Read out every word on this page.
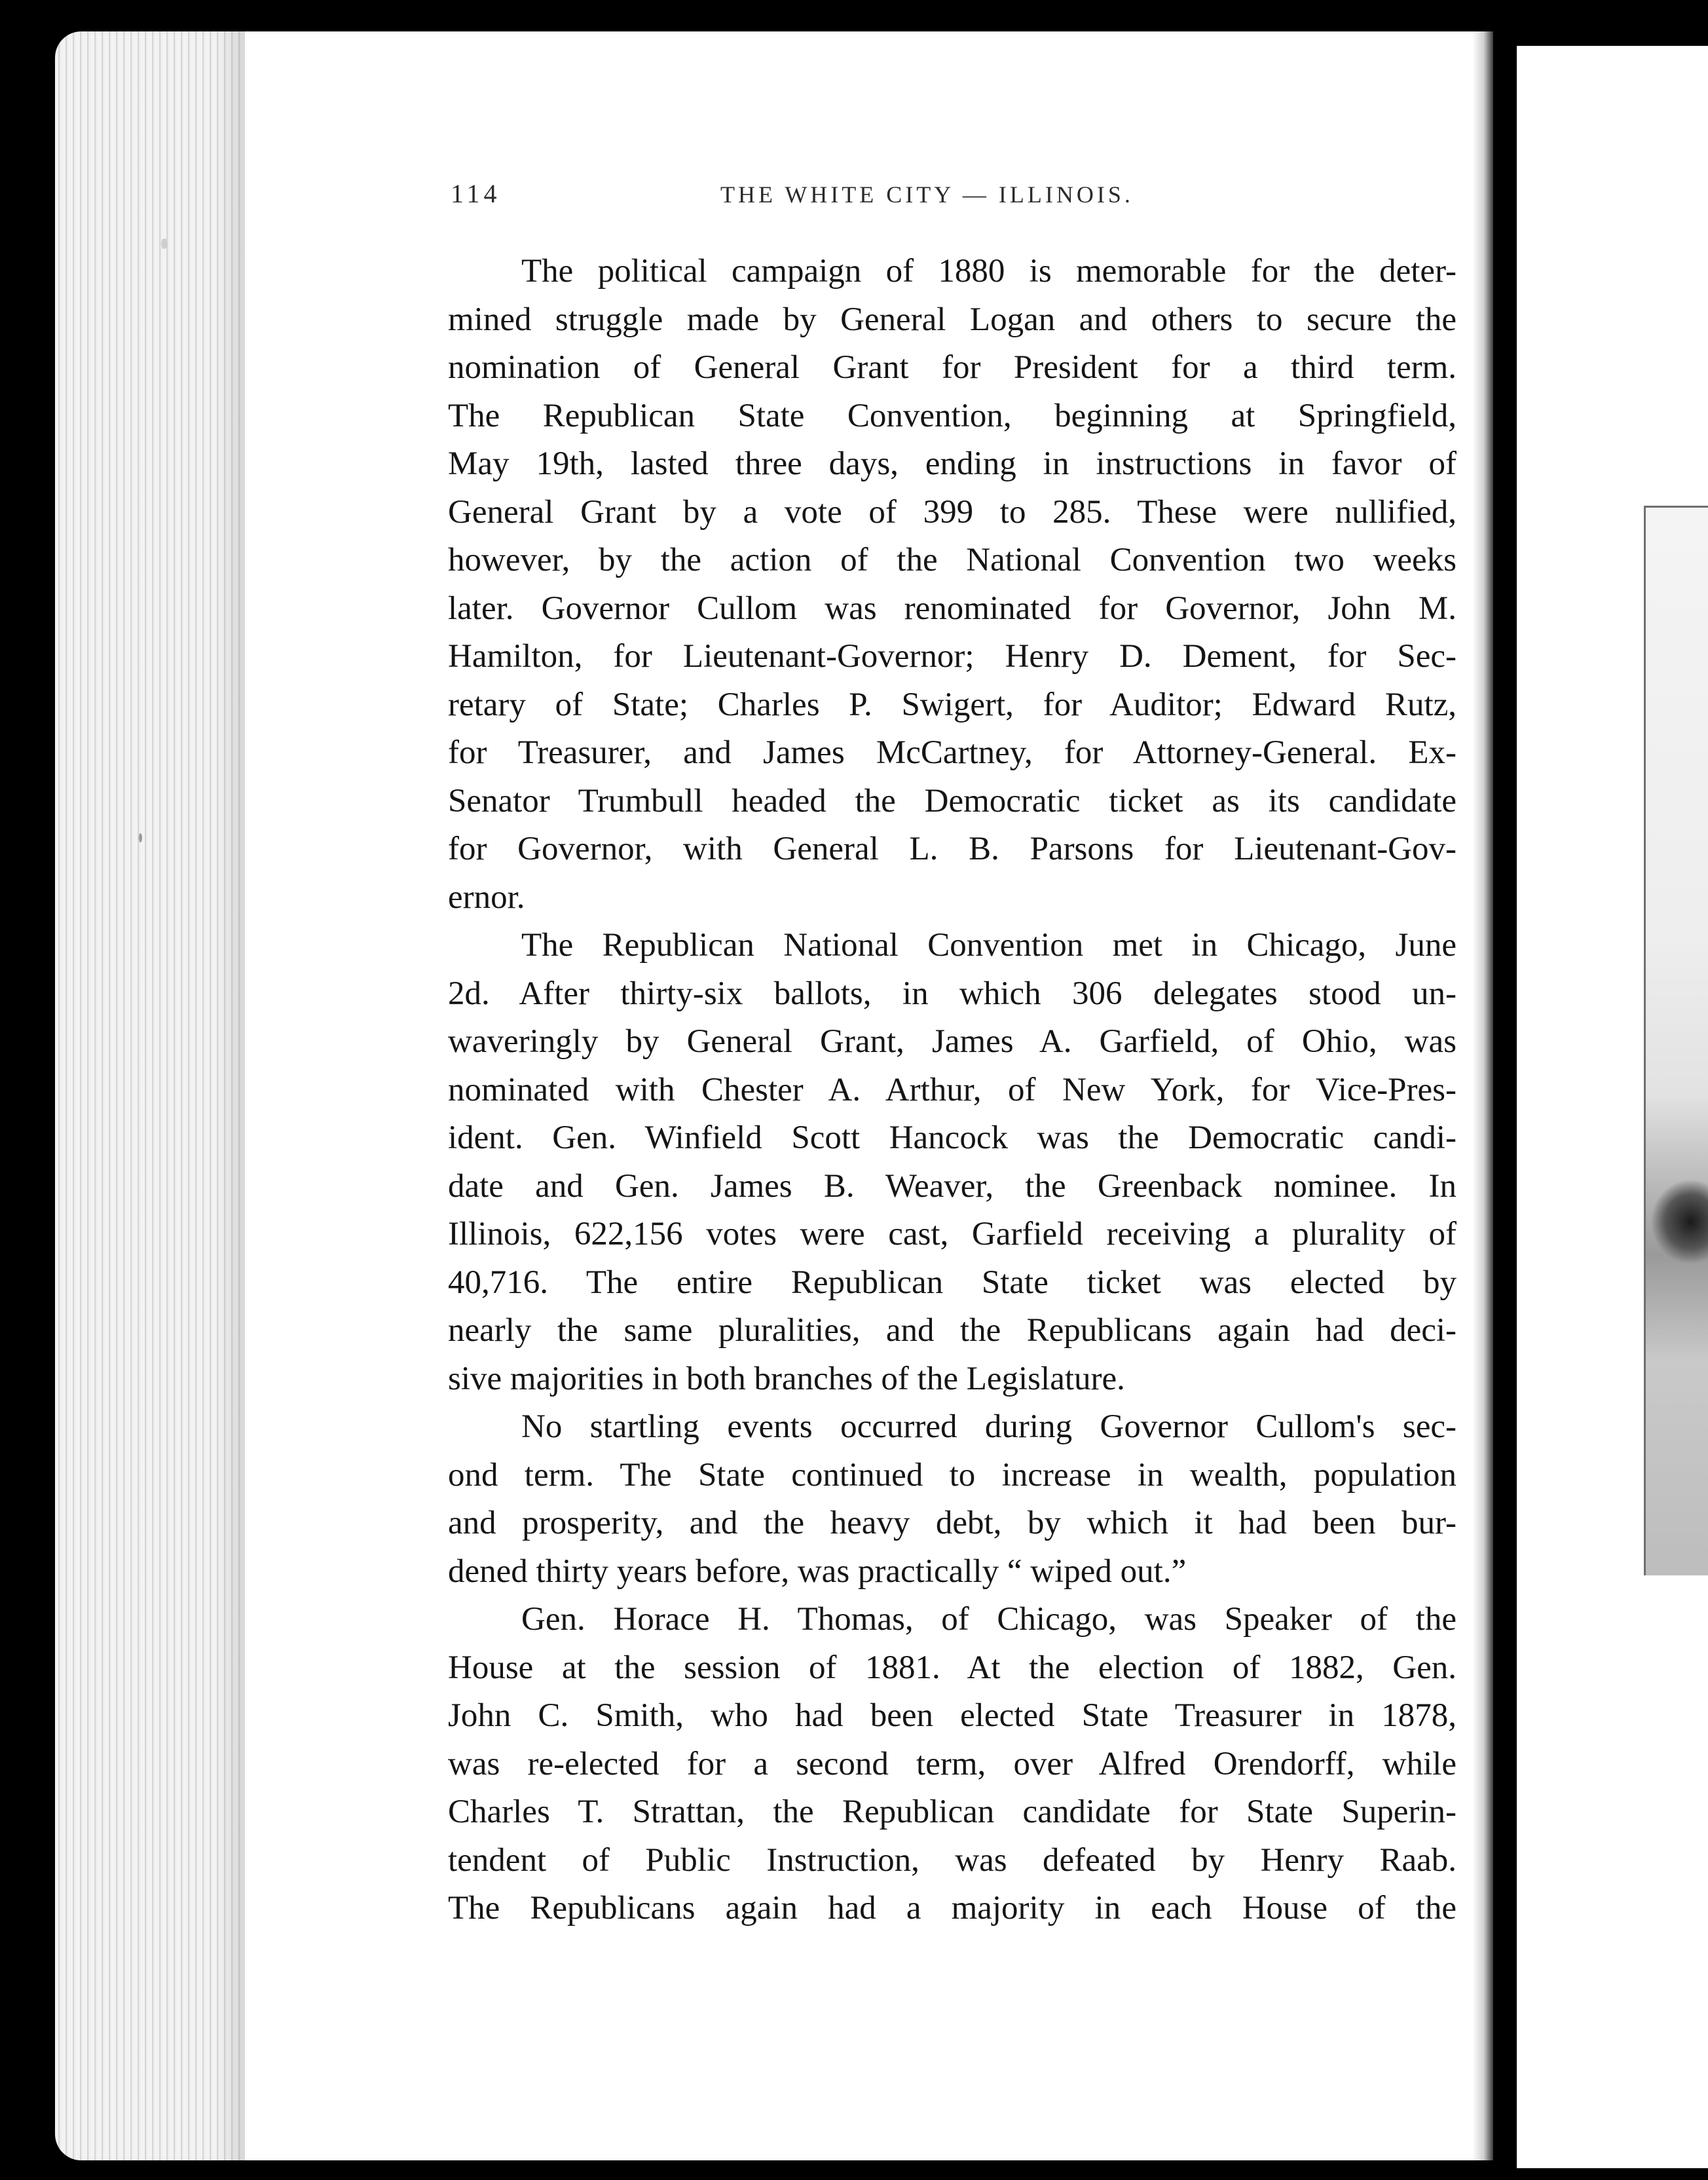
114	THE WHITE CITY — ILLINOIS.
The political campaign of 1880 is memorable for the deter-
mined struggle made by General Logan and others to secure the
nomination of General Grant for President for a third term.
The Republican State Convention, beginning at Springfield,
May 19th, lasted three days, ending in instructions in favor of
General Grant by a vote of 399 to 285. These were nullified,
however, by the action of the National Convention two weeks
later. Governor Cullom was renominated for Governor, John M.
Hamilton, for Lieutenant-Governor; Henry D. Dement, for Sec-
retary of State; Charles P. Swigert, for Auditor; Edward Rutz,
for Treasurer, and James McCartney, for Attorney-General. Ex-
Senator Trumbull headed the Democratic ticket as its candidate
for Governor, with General L. B. Parsons for Lieutenant-Gov-
ernor.
The Republican National Convention met in Chicago, June
2d. After thirty-six ballots, in which 306 delegates stood un-
waveringly by General Grant, James A. Garfield, of Ohio, was
nominated with Chester A. Arthur, of New York, for Vice-Pres-
ident. Gen. Winfield Scott Hancock was the Democratic candi-
date and Gen. James B. Weaver, the Greenback nominee. In
Illinois, 622,156 votes were cast, Garfield receiving a plurality of
40,716. The entire Republican State ticket was elected by
nearly the same pluralities, and the Republicans again had deci-
sive majorities in both branches of the Legislature.
No startling events occurred during Governor Cullom's sec-
ond term. The State continued to increase in wealth, population
and prosperity, and the heavy debt, by which it had been bur-
dened thirty years before, was practically “ wiped out.”
Gen. Horace H. Thomas, of Chicago, was Speaker of the
House at the session of 1881. At the election of 1882, Gen.
John C. Smith, who had been elected State Treasurer in 1878,
was re-elected for a second term, over Alfred Orendorff, while
Charles T. Strattan, the Republican candidate for State Superin-
tendent of Public Instruction, was defeated by Henry Raab.
The Republicans again had a majority in each House of the
